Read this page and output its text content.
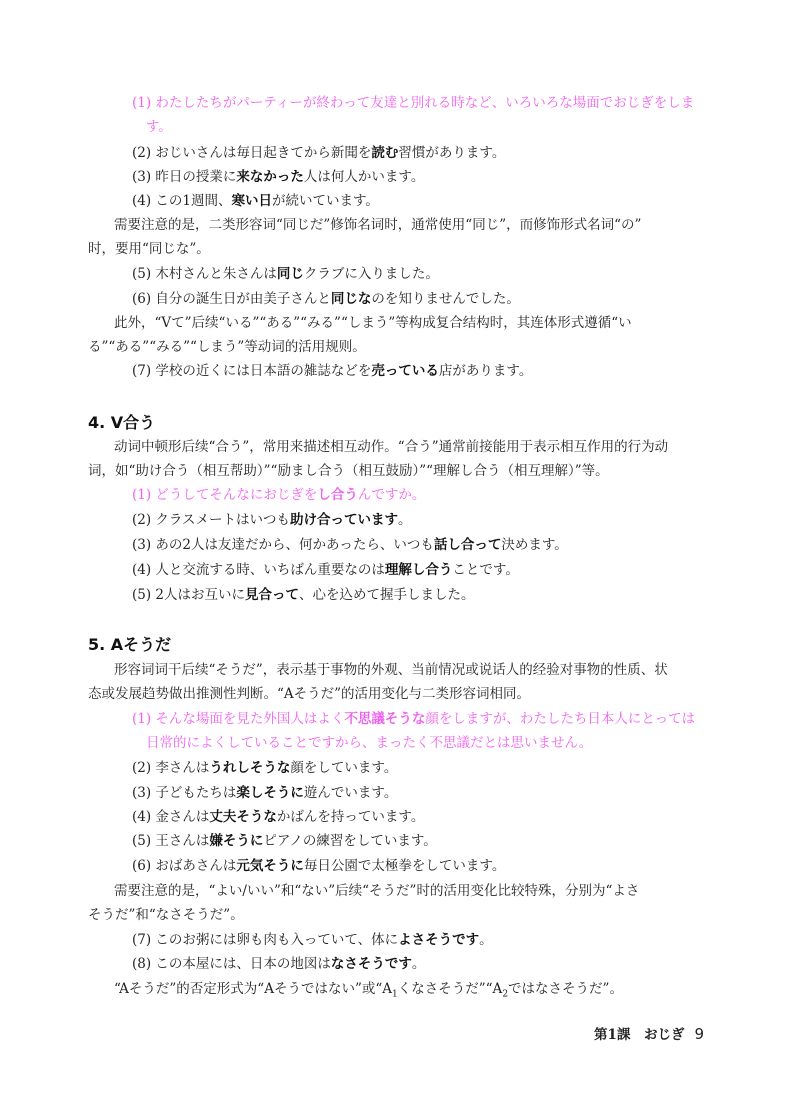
(1) わたしたちがパーティーが終わって友達と別れる時など、いろいろな場面でおじぎをしま
す。
(2) おじいさんは毎日起きてから新聞を読む習慣があります。
(3) 昨日の授業に来なかった人は何人かいます。
(4) この1週間、寒い日が続いています。
需要注意的是，二类形容词“同じだ”修饰名词时，通常使用“同じ”，而修饰形式名词“の”
时，要用“同じな”。
(5) 木村さんと朱さんは同じクラブに入りました。
(6) 自分の誕生日が由美子さんと同じなのを知りませんでした。
此外，“Vて”后续“いる”“ある”“みる”“しまう”等构成复合结构时，其连体形式遵循“い
る”“ある”“みる”“しまう”等动词的活用规则。
(7) 学校の近くには日本語の雑誌などを売っている店があります。
4. V合う
动词中顿形后续“合う”，常用来描述相互动作。“合う”通常前接能用于表示相互作用的行为动
词，如“助け合う（相互帮助）”“励まし合う（相互鼓励）”“理解し合う（相互理解）”等。
(1) どうしてそんなにおじぎをし合うんですか。
(2) クラスメートはいつも助け合っています。
(3) あの2人は友達だから、何かあったら、いつも話し合って決めます。
(4) 人と交流する時、いちばん重要なのは理解し合うことです。
(5) 2人はお互いに見合って、心を込めて握手しました。
5. Aそうだ
形容词词干后续“そうだ”，表示基于事物的外观、当前情况或说话人的经验对事物的性质、状
态或发展趋势做出推测性判断。“Aそうだ”的活用变化与二类形容词相同。
(1) そんな場面を見た外国人はよく不思議そうな顔をしますが、わたしたち日本人にとっては
日常的によくしていることですから、まったく不思議だとは思いません。
(2) 李さんはうれしそうな顔をしています。
(3) 子どもたちは楽しそうに遊んでいます。
(4) 金さんは丈夫そうなかばんを持っています。
(5) 王さんは嫌そうにピアノの練習をしています。
(6) おばあさんは元気そうに毎日公園で太極拳をしています。
需要注意的是，“よい/いい”和“ない”后续“そうだ”时的活用变化比较特殊，分别为“よさ
そうだ”和“なさそうだ”。
(7) このお粥には卵も肉も入っていて、体によさそうです。
(8) この本屋には、日本の地図はなさそうです。
“Aそうだ”的否定形式为“Aそうではない”或“$A_1$くなさそうだ$”“A_2$ではなさそうだ”。
第1課　おじぎ 9
